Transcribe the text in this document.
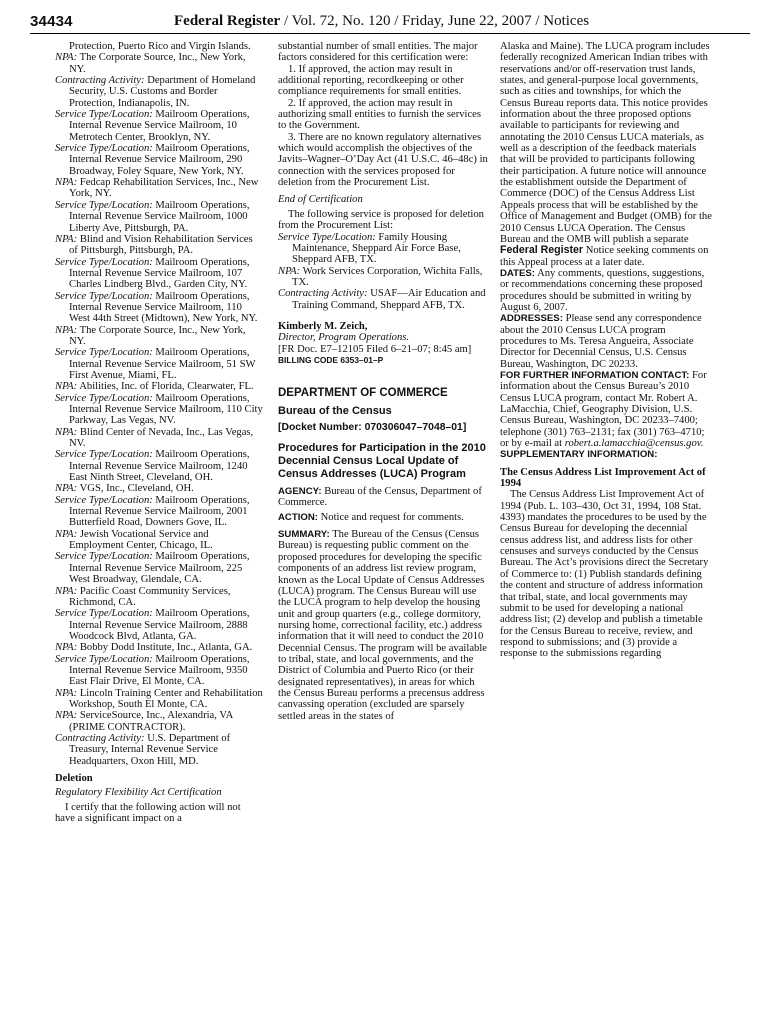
34434	Federal Register / Vol. 72, No. 120 / Friday, June 22, 2007 / Notices

Protection, Puerto Rico and Virgin Islands.

NPA: The Corporate Source, Inc., New York, NY.

Contracting Activity: Department of Homeland Security, U.S. Customs and Border Protection, Indianapolis, IN.

Service Type/Location: Mailroom Operations, Internal Revenue Service Mailroom, 10 Metrotech Center, Brooklyn, NY.

Service Type/Location: Mailroom Operations, Internal Revenue Service Mailroom, 290 Broadway, Foley Square, New York, NY.

NPA: Fedcap Rehabilitation Services, Inc., New York, NY.

Service Type/Location: Mailroom Operations, Internal Revenue Service Mailroom, 1000 Liberty Ave, Pittsburgh, PA.

NPA: Blind and Vision Rehabilitation Services of Pittsburgh, Pittsburgh, PA.

Service Type/Location: Mailroom Operations, Internal Revenue Service Mailroom, 107 Charles Lindberg Blvd., Garden City, NY.

Service Type/Location: Mailroom Operations, Internal Revenue Service Mailroom, 110 West 44th Street (Midtown), New York, NY.

NPA: The Corporate Source, Inc., New York, NY.

Service Type/Location: Mailroom Operations, Internal Revenue Service Mailroom, 51 SW First Avenue, Miami, FL.

NPA: Abilities, Inc. of Florida, Clearwater, FL.

Service Type/Location: Mailroom Operations, Internal Revenue Service Mailroom, 110 City Parkway, Las Vegas, NV.

NPA: Blind Center of Nevada, Inc., Las Vegas, NV.

Service Type/Location: Mailroom Operations, Internal Revenue Service Mailroom, 1240 East Ninth Street, Cleveland, OH.

NPA: VGS, Inc., Cleveland, OH.

Service Type/Location: Mailroom Operations, Internal Revenue Service Mailroom, 2001 Butterfield Road, Downers Gove, IL.

NPA: Jewish Vocational Service and Employment Center, Chicago, IL.

Service Type/Location: Mailroom Operations, Internal Revenue Service Mailroom, 225 West Broadway, Glendale, CA.

NPA: Pacific Coast Community Services, Richmond, CA.

Service Type/Location: Mailroom Operations, Internal Revenue Service Mailroom, 2888 Woodcock Blvd, Atlanta, GA.

NPA: Bobby Dodd Institute, Inc., Atlanta, GA.

Service Type/Location: Mailroom Operations, Internal Revenue Service Mailroom, 9350 East Flair Drive, El Monte, CA.

NPA: Lincoln Training Center and Rehabilitation Workshop, South El Monte, CA.

NPA: ServiceSource, Inc., Alexandria, VA (PRIME CONTRACTOR).

Contracting Activity: U.S. Department of Treasury, Internal Revenue Service Headquarters, Oxon Hill, MD.

Deletion

Regulatory Flexibility Act Certification

I certify that the following action will not have a significant impact on a

substantial number of small entities. The major factors considered for this certification were:

1. If approved, the action may result in additional reporting, recordkeeping or other compliance requirements for small entities.

2. If approved, the action may result in authorizing small entities to furnish the services to the Government.

3. There are no known regulatory alternatives which would accomplish the objectives of the Javits–Wagner–O’Day Act (41 U.S.C. 46–48c) in connection with the services proposed for deletion from the Procurement List.

End of Certification

The following service is proposed for deletion from the Procurement List:

Service Type/Location: Family Housing Maintenance, Sheppard Air Force Base, Sheppard AFB, TX.

NPA: Work Services Corporation, Wichita Falls, TX.

Contracting Activity: USAF—Air Education and Training Command, Sheppard AFB, TX.

Kimberly M. Zeich,

Director, Program Operations.

[FR Doc. E7–12105 Filed 6–21–07; 8:45 am]

BILLING CODE 6353–01–P

DEPARTMENT OF COMMERCE

Bureau of the Census

[Docket Number: 070306047–7048–01]

Procedures for Participation in the 2010 Decennial Census Local Update of Census Addresses (LUCA) Program

AGENCY: Bureau of the Census, Department of Commerce.

ACTION: Notice and request for comments.

SUMMARY: The Bureau of the Census (Census Bureau) is requesting public comment on the proposed procedures for developing the specific components of an address list review program, known as the Local Update of Census Addresses (LUCA) program. The Census Bureau will use the LUCA program to help develop the housing unit and group quarters (e.g., college dormitory, nursing home, correctional facility, etc.) address information that it will need to conduct the 2010 Decennial Census. The program will be available to tribal, state, and local governments, and the District of Columbia and Puerto Rico (or their designated representatives), in areas for which the Census Bureau performs a precensus address canvassing operation (excluded are sparsely settled areas in the states of

Alaska and Maine). The LUCA program includes federally recognized American Indian tribes with reservations and/or off-reservation trust lands, states, and general-purpose local governments, such as cities and townships, for which the Census Bureau reports data. This notice provides information about the three proposed options available to participants for reviewing and annotating the 2010 Census LUCA materials, as well as a description of the feedback materials that will be provided to participants following their participation. A future notice will announce the establishment outside the Department of Commerce (DOC) of the Census Address List Appeals process that will be established by the Office of Management and Budget (OMB) for the 2010 Census LUCA Operation. The Census Bureau and the OMB will publish a separate Federal Register Notice seeking comments on this Appeal process at a later date.

DATES: Any comments, questions, suggestions, or recommendations concerning these proposed procedures should be submitted in writing by August 6, 2007.

ADDRESSES: Please send any correspondence about the 2010 Census LUCA program procedures to Ms. Teresa Angueira, Associate Director for Decennial Census, U.S. Census Bureau, Washington, DC 20233.

FOR FURTHER INFORMATION CONTACT: For information about the Census Bureau’s 2010 Census LUCA program, contact Mr. Robert A. LaMacchia, Chief, Geography Division, U.S. Census Bureau, Washington, DC 20233–7400; telephone (301) 763–2131; fax (301) 763–4710; or by e-mail at robert.a.lamacchia@census.gov.

SUPPLEMENTARY INFORMATION:

The Census Address List Improvement Act of 1994

The Census Address List Improvement Act of 1994 (Pub. L. 103–430, Oct 31, 1994, 108 Stat. 4393) mandates the procedures to be used by the Census Bureau for developing the decennial census address list, and address lists for other censuses and surveys conducted by the Census Bureau. The Act’s provisions direct the Secretary of Commerce to: (1) Publish standards defining the content and structure of address information that tribal, state, and local governments may submit to be used for developing a national address list; (2) develop and publish a timetable for the Census Bureau to receive, review, and respond to submissions; and (3) provide a response to the submissions regarding
